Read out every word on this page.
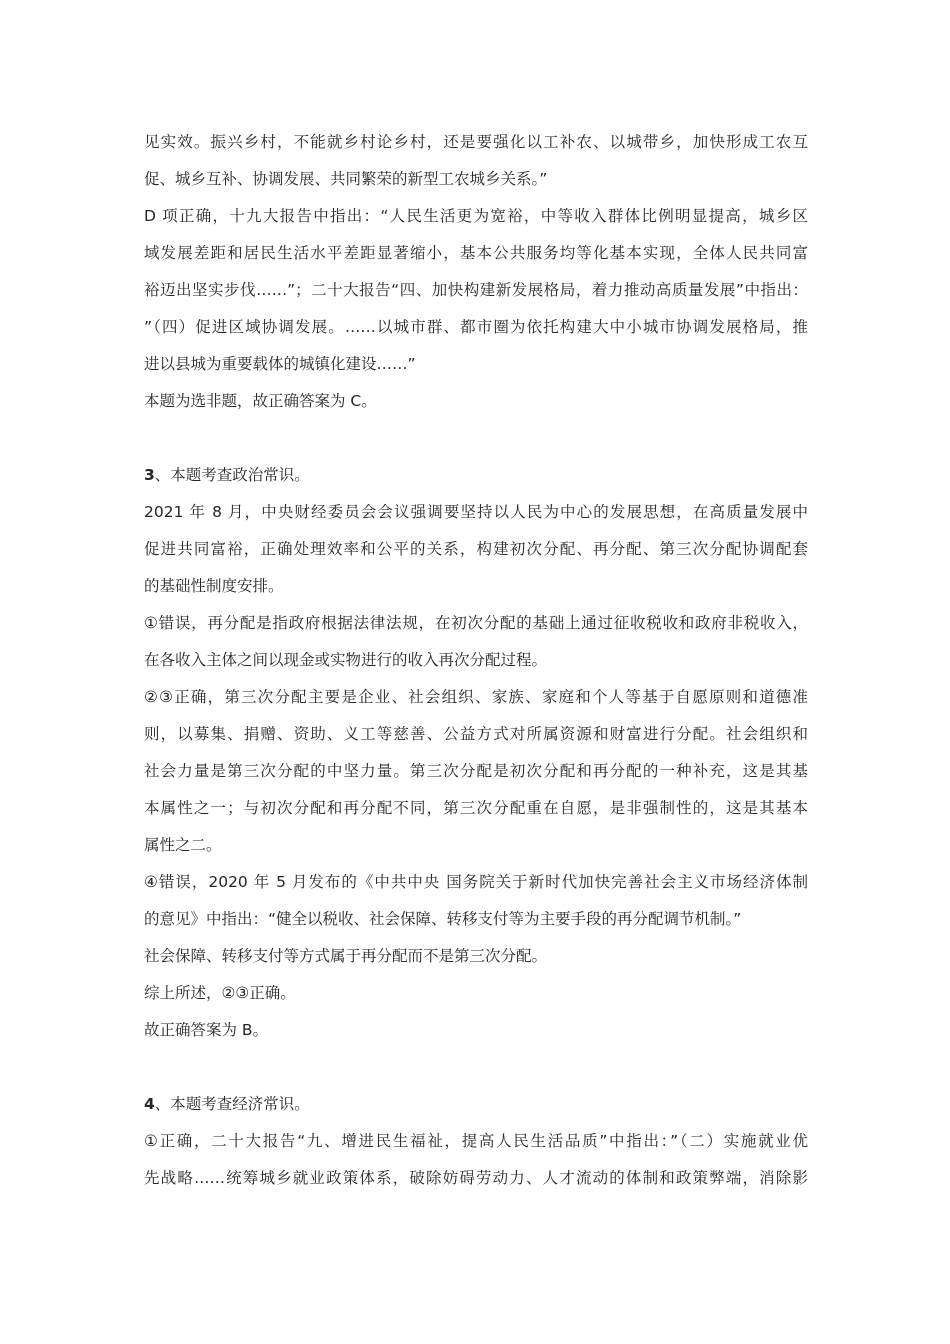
见实效。振兴乡村，不能就乡村论乡村，还是要强化以工补农、以城带乡，加快形成工农互
促、城乡互补、协调发展、共同繁荣的新型工农城乡关系。”
D 项正确，十九大报告中指出：“人民生活更为宽裕，中等收入群体比例明显提高，城乡区
域发展差距和居民生活水平差距显著缩小，基本公共服务均等化基本实现，全体人民共同富
裕迈出坚实步伐……”；二十大报告“四、加快构建新发展格局，着力推动高质量发展”中指出：
”（四）促进区域协调发展。……以城市群、都市圈为依托构建大中小城市协调发展格局，推
进以县城为重要载体的城镇化建设……”
本题为选非题，故正确答案为 C。
3、本题考查政治常识。
2021 年 8 月，中央财经委员会会议强调要坚持以人民为中心的发展思想，在高质量发展中
促进共同富裕，正确处理效率和公平的关系，构建初次分配、再分配、第三次分配协调配套
的基础性制度安排。
①错误，再分配是指政府根据法律法规，在初次分配的基础上通过征收税收和政府非税收入，
在各收入主体之间以现金或实物进行的收入再次分配过程。
②③正确，第三次分配主要是企业、社会组织、家族、家庭和个人等基于自愿原则和道德准
则，以募集、捐赠、资助、义工等慈善、公益方式对所属资源和财富进行分配。社会组织和
社会力量是第三次分配的中坚力量。第三次分配是初次分配和再分配的一种补充，这是其基
本属性之一；与初次分配和再分配不同，第三次分配重在自愿，是非强制性的，这是其基本
属性之二。
④错误，2020 年 5 月发布的《中共中央 国务院关于新时代加快完善社会主义市场经济体制
的意见》中指出：“健全以税收、社会保障、转移支付等为主要手段的再分配调节机制。”
社会保障、转移支付等方式属于再分配而不是第三次分配。
综上所述，②③正确。
故正确答案为 B。
4、本题考查经济常识。
①正确，二十大报告“九、增进民生福祉，提高人民生活品质”中指出：”（二）实施就业优
先战略……统筹城乡就业政策体系，破除妨碍劳动力、人才流动的体制和政策弊端，消除影
